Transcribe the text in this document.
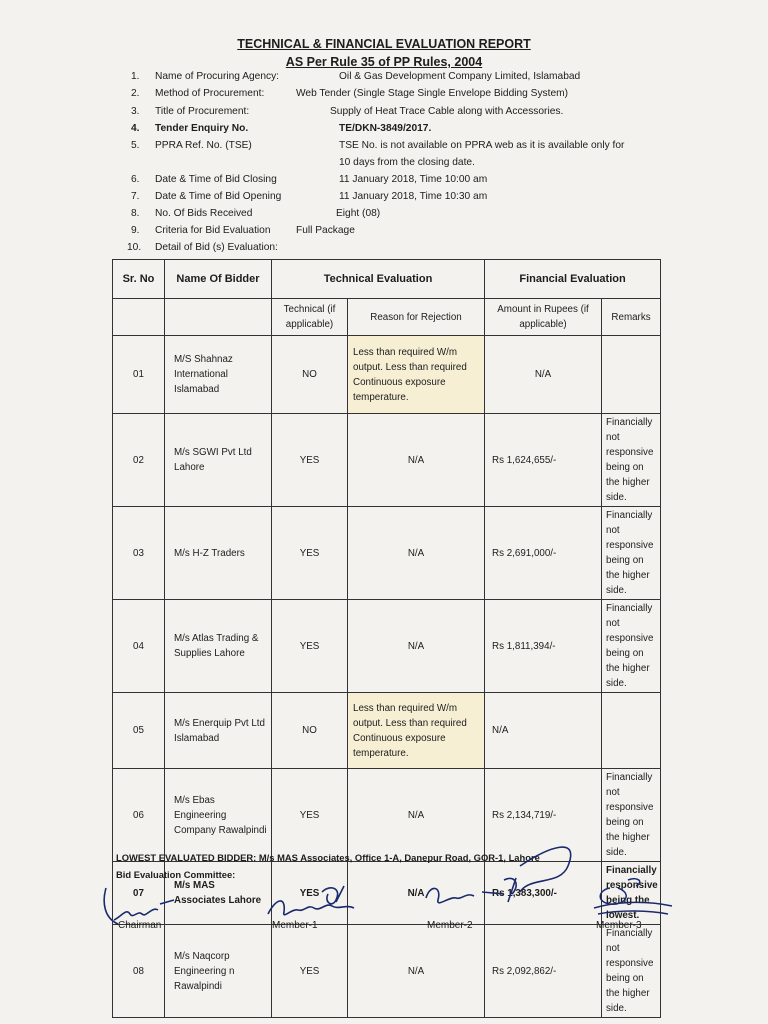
TECHNICAL & FINANCIAL EVALUATION REPORT
AS Per Rule 35 of PP Rules, 2004
1. Name of Procuring Agency:	Oil & Gas Development Company Limited, Islamabad
2. Method of Procurement:	Web Tender (Single Stage Single Envelope Bidding System)
3. Title of Procurement:	Supply of Heat Trace Cable along with Accessories.
4. Tender Enquiry No.	TE/DKN-3849/2017.
5. PPRA Ref. No. (TSE)	TSE No. is not available on PPRA web as it is available only for
10 days from the closing date.
6. Date & Time of Bid Closing	11 January 2018, Time 10:00 am
7. Date & Time of Bid Opening	11 January 2018, Time 10:30 am
8. No. Of Bids Received	Eight (08)
9. Criteria for Bid Evaluation Full Package
10. Detail of Bid (s) Evaluation:
Sr. No	Name Of Bidder	Technical Evaluation		Financial Evaluation	
		Technical (if applicable)	Reason for Rejection	Amount in Rupees (if applicable)	Remarks
01	M/S Shahnaz International Islamabad	NO	Less than required W/m output. Less than required Continuous exposure temperature.	N/A	
02	M/s SGWI Pvt Ltd Lahore	YES	N/A	Rs 1,624,655/-	Financially not responsive being on the higher side.
03	M/s H-Z Traders	YES	N/A	Rs 2,691,000/-	Financially not responsive being on the higher side.
04	M/s Atlas Trading & Supplies Lahore	YES	N/A	Rs 1,811,394/-	Financially not responsive being on the higher side.
05	M/s Enerquip Pvt Ltd Islamabad	NO	Less than required W/m output. Less than required Continuous exposure temperature.	N/A	
06	M/s Ebas Engineering Company Rawalpindi	YES	N/A	Rs 2,134,719/-	Financially not responsive being on the higher side.
07	M/s MAS Associates Lahore	YES	N/A	Rs 1,383,300/-	Financially responsive being the lowest.
08	M/s Naqcorp Engineering n Rawalpindi	YES	N/A	Rs 2,092,862/-	Financially not responsive being on the higher side.
LOWEST EVALUATED BIDDER: M/s MAS Associates, Office 1-A, Danepur Road, GOR-1, Lahore
Bid Evaluation Committee:
Chairman	Member-1	Member-2	Member-3
